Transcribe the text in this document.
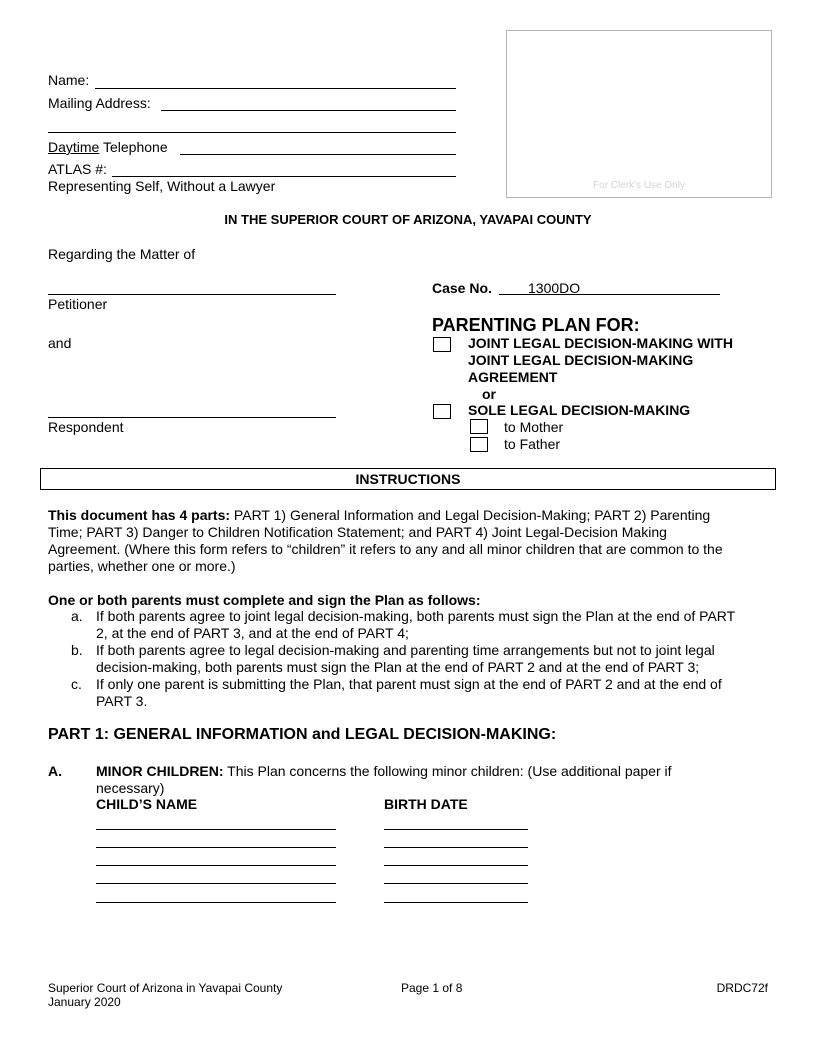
Name:
Mailing Address:
Daytime Telephone
ATLAS #:
Representing Self, Without a Lawyer	For Clerk's Use Only
IN THE SUPERIOR COURT OF ARIZONA, YAVAPAI COUNTY
Regarding the Matter of
Petitioner
and
Respondent
Case No.	1300DO
PARENTING PLAN FOR:
JOINT LEGAL DECISION-MAKING WITH
JOINT LEGAL DECISION-MAKING
AGREEMENT
or
SOLE LEGAL DECISION-MAKING
to Mother
to Father
INSTRUCTIONS
This document has 4 parts: PART 1) General Information and Legal Decision-Making; PART 2) Parenting
Time; PART 3) Danger to Children Notification Statement; and PART 4) Joint Legal-Decision Making
Agreement. (Where this form refers to “children” it refers to any and all minor children that are common to the
parties, whether one or more.)
One or both parents must complete and sign the Plan as follows:
a. If both parents agree to joint legal decision-making, both parents must sign the Plan at the end of PART
2, at the end of PART 3, and at the end of PART 4;
b. If both parents agree to legal decision-making and parenting time arrangements but not to joint legal
decision-making, both parents must sign the Plan at the end of PART 2 and at the end of PART 3;
c. If only one parent is submitting the Plan, that parent must sign at the end of PART 2 and at the end of
PART 3.
PART 1: GENERAL INFORMATION and LEGAL DECISION-MAKING:
A. MINOR CHILDREN: This Plan concerns the following minor children: (Use additional paper if
necessary)
CHILD’S NAME	BIRTH DATE
Superior Court of Arizona in Yavapai County
January 2020
Page 1 of 8	DRDC72f
